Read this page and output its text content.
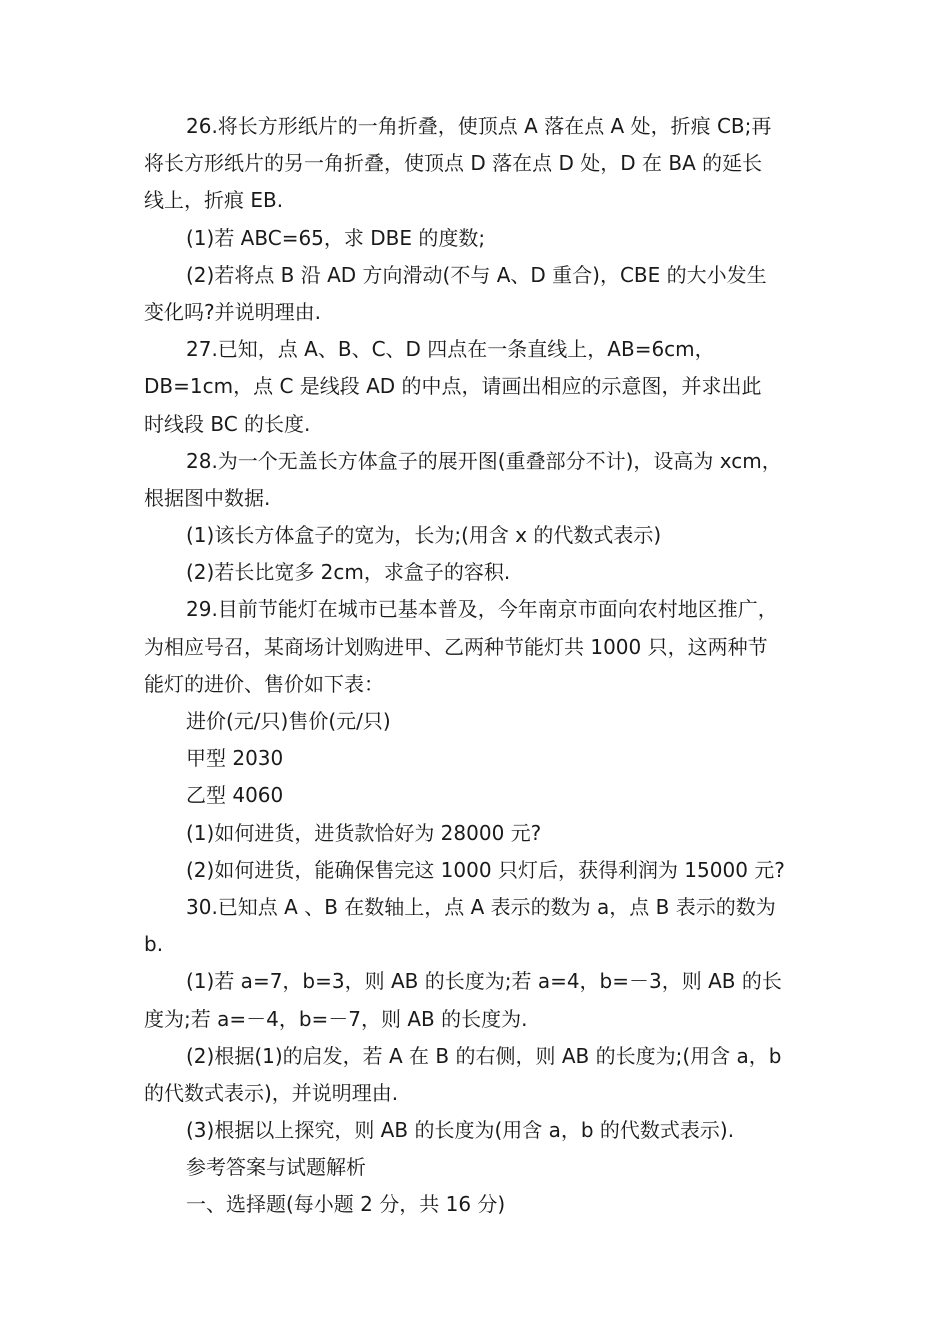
26.将长方形纸片的一角折叠，使顶点 A 落在点 A 处，折痕 CB;再
将长方形纸片的另一角折叠，使顶点 D 落在点 D 处，D 在 BA 的延长
线上，折痕 EB.
(1)若 ABC=65，求 DBE 的度数;
(2)若将点 B 沿 AD 方向滑动(不与 A、D 重合)，CBE 的大小发生
变化吗?并说明理由.
27.已知，点 A、B、C、D 四点在一条直线上，AB=6cm，
DB=1cm，点 C 是线段 AD 的中点，请画出相应的示意图，并求出此
时线段 BC 的长度.
28.为一个无盖长方体盒子的展开图(重叠部分不计)，设高为 xcm，
根据图中数据.
(1)该长方体盒子的宽为，长为;(用含 x 的代数式表示)
(2)若长比宽多 2cm，求盒子的容积.
29.目前节能灯在城市已基本普及，今年南京市面向农村地区推广，
为相应号召，某商场计划购进甲、乙两种节能灯共 1000 只，这两种节
能灯的进价、售价如下表：
进价(元/只)售价(元/只)
甲型 2030
乙型 4060
(1)如何进货，进货款恰好为 28000 元?
(2)如何进货，能确保售完这 1000 只灯后，获得利润为 15000 元?
30.已知点 A 、B 在数轴上，点 A 表示的数为 a，点 B 表示的数为
b.
(1)若 a=7，b=3，则 AB 的长度为;若 a=4，b=－3，则 AB 的长
度为;若 a=－4，b=－7，则 AB 的长度为.
(2)根据(1)的启发，若 A 在 B 的右侧，则 AB 的长度为;(用含 a，b
的代数式表示)，并说明理由.
(3)根据以上探究，则 AB 的长度为(用含 a，b 的代数式表示).
参考答案与试题解析
一、选择题(每小题 2 分，共 16 分)
